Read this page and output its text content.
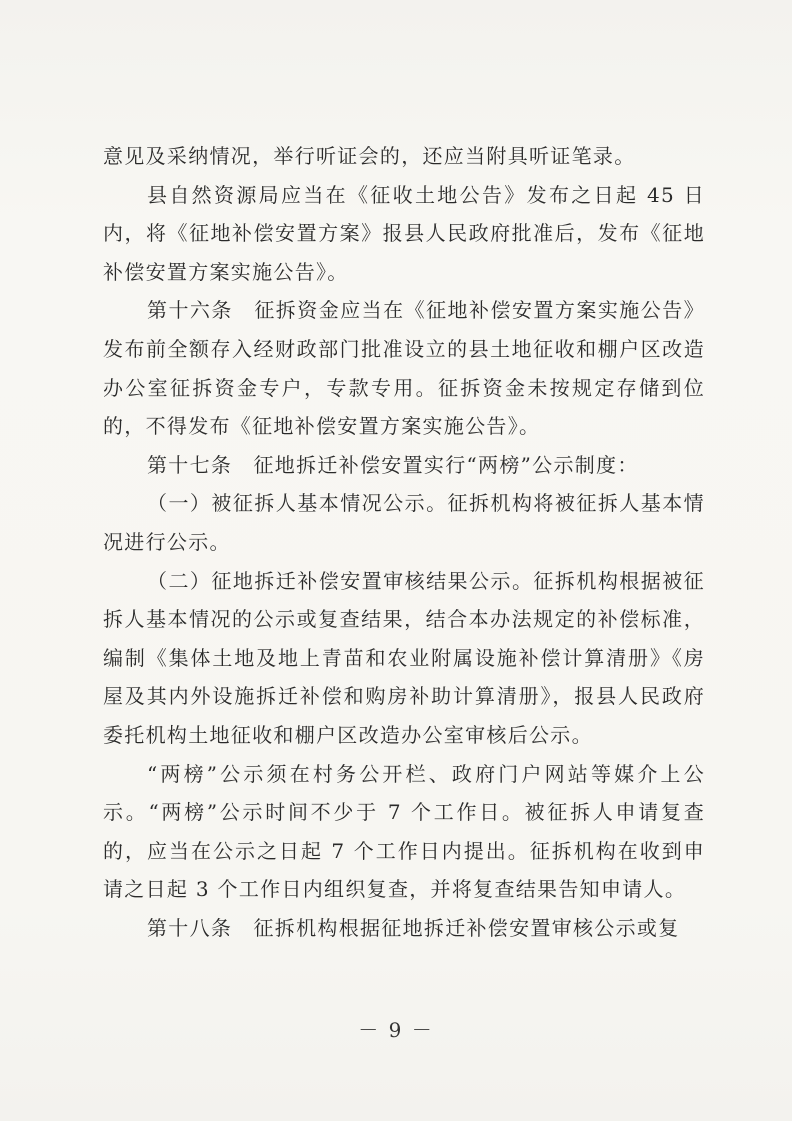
意见及采纳情况，举行听证会的，还应当附具听证笔录。

县自然资源局应当在《征收土地公告》发布之日起 45 日内，将《征地补偿安置方案》报县人民政府批准后，发布《征地补偿安置方案实施公告》。

第十六条　征拆资金应当在《征地补偿安置方案实施公告》发布前全额存入经财政部门批准设立的县土地征收和棚户区改造办公室征拆资金专户，专款专用。征拆资金未按规定存储到位的，不得发布《征地补偿安置方案实施公告》。

第十七条　征地拆迁补偿安置实行“两榜”公示制度：

（一）被征拆人基本情况公示。征拆机构将被征拆人基本情况进行公示。

（二）征地拆迁补偿安置审核结果公示。征拆机构根据被征拆人基本情况的公示或复查结果，结合本办法规定的补偿标准，编制《集体土地及地上青苗和农业附属设施补偿计算清册》《房屋及其内外设施拆迁补偿和购房补助计算清册》，报县人民政府委托机构土地征收和棚户区改造办公室审核后公示。

“两榜”公示须在村务公开栏、政府门户网站等媒介上公示。“两榜”公示时间不少于 7 个工作日。被征拆人申请复查的，应当在公示之日起 7 个工作日内提出。征拆机构在收到申请之日起 3 个工作日内组织复查，并将复查结果告知申请人。

第十八条　征拆机构根据征地拆迁补偿安置审核公示或复

－ 9 －
